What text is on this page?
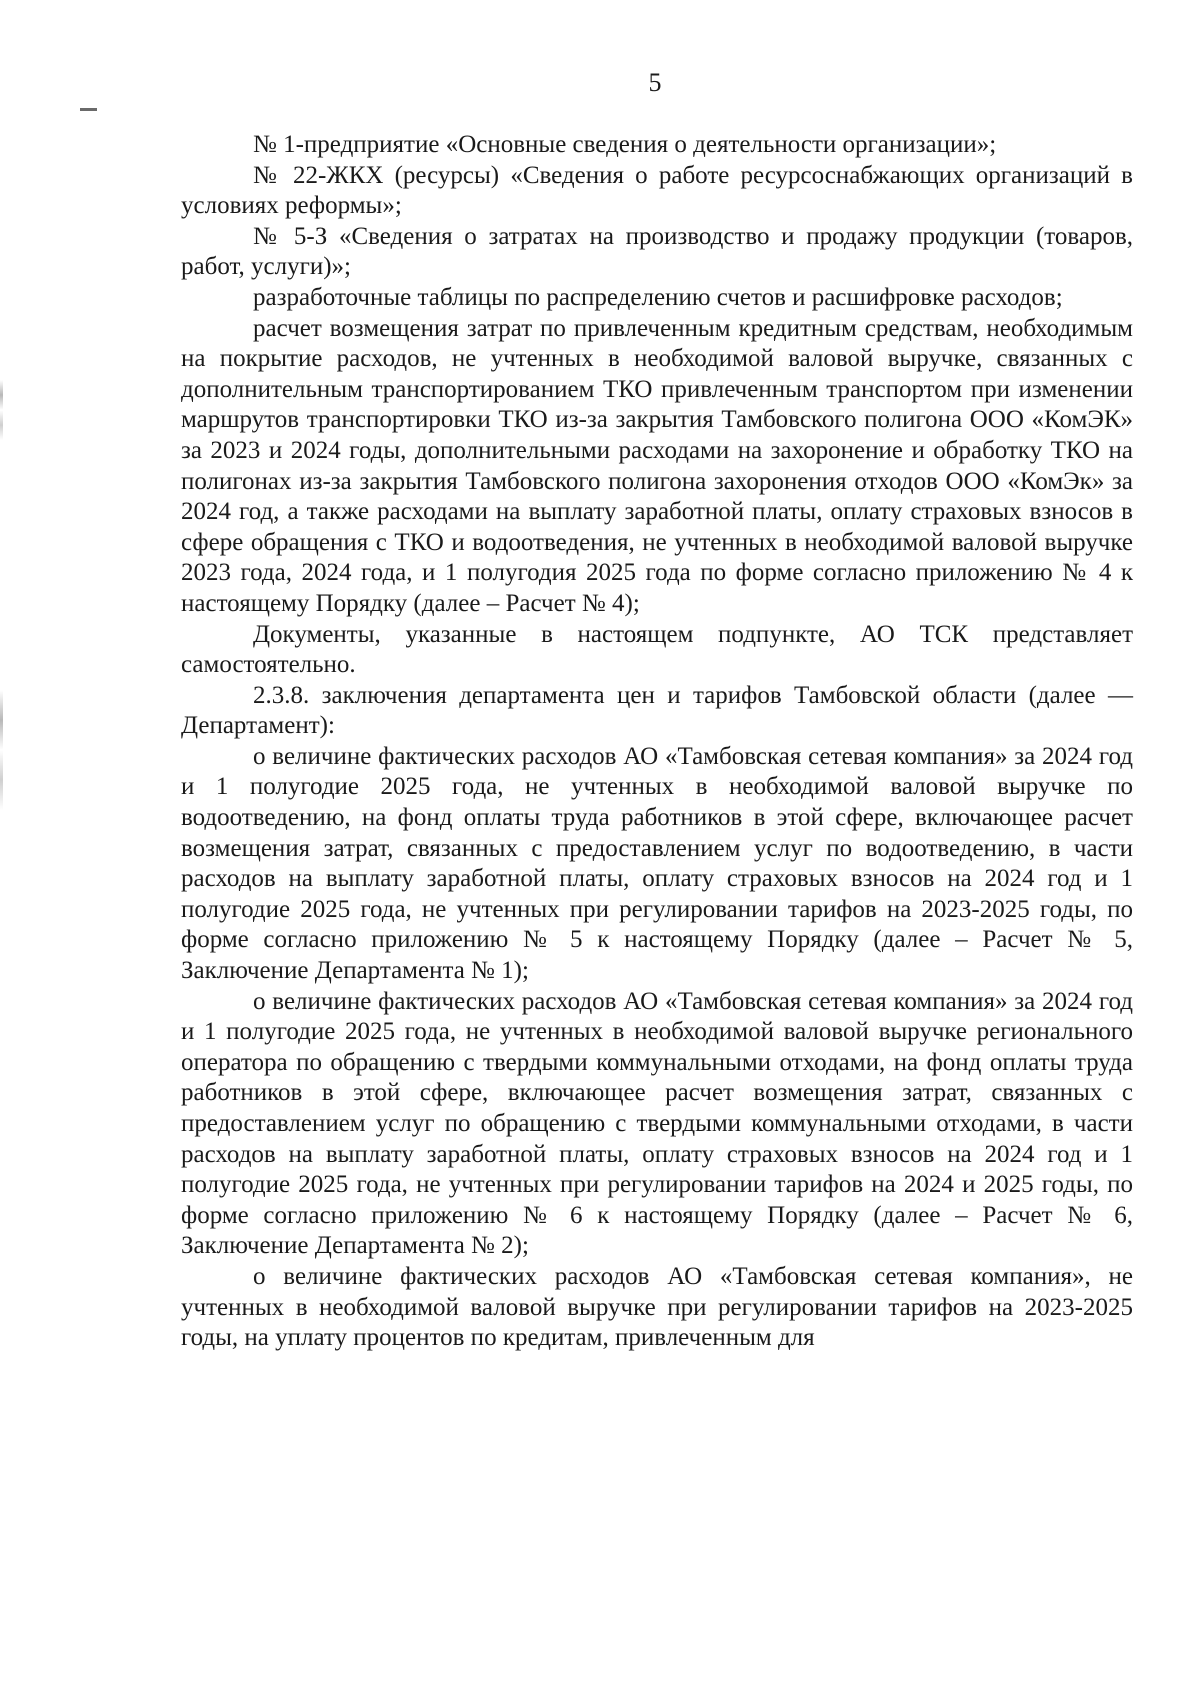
5

№ 1-предприятие «Основные сведения о деятельности организации»;

№ 22-ЖКХ (ресурсы) «Сведения о работе ресурсоснабжающих организаций в условиях реформы»;

№ 5-З «Сведения о затратах на производство и продажу продукции (товаров, работ, услуги)»;

разработочные таблицы по распределению счетов и расшифровке расходов;

расчет возмещения затрат по привлеченным кредитным средствам, необходимым на покрытие расходов, не учтенных в необходимой валовой выручке, связанных с дополнительным транспортированием ТКО привлеченным транспортом при изменении маршрутов транспортировки ТКО из-за закрытия Тамбовского полигона ООО «КомЭК» за 2023 и 2024 годы, дополнительными расходами на захоронение и обработку ТКО на полигонах из-за закрытия Тамбовского полигона захоронения отходов ООО «КомЭк» за 2024 год, а также расходами на выплату заработной платы, оплату страховых взносов в сфере обращения с ТКО и водоотведения, не учтенных в необходимой валовой выручке 2023 года, 2024 года, и 1 полугодия 2025 года по форме согласно приложению № 4 к настоящему Порядку (далее – Расчет № 4);

Документы, указанные в настоящем подпункте, АО ТСК представляет самостоятельно.

2.3.8. заключения департамента цен и тарифов Тамбовской области (далее — Департамент):

о величине фактических расходов АО «Тамбовская сетевая компания» за 2024 год и 1 полугодие 2025 года, не учтенных в необходимой валовой выручке по водоотведению, на фонд оплаты труда работников в этой сфере, включающее расчет возмещения затрат, связанных с предоставлением услуг по водоотведению, в части расходов на выплату заработной платы, оплату страховых взносов на 2024 год и 1 полугодие 2025 года, не учтенных при регулировании тарифов на 2023-2025 годы, по форме согласно приложению № 5 к настоящему Порядку (далее – Расчет № 5, Заключение Департамента № 1);

о величине фактических расходов АО «Тамбовская сетевая компания» за 2024 год и 1 полугодие 2025 года, не учтенных в необходимой валовой выручке регионального оператора по обращению с твердыми коммунальными отходами, на фонд оплаты труда работников в этой сфере, включающее расчет возмещения затрат, связанных с предоставлением услуг по обращению с твердыми коммунальными отходами, в части расходов на выплату заработной платы, оплату страховых взносов на 2024 год и 1 полугодие 2025 года, не учтенных при регулировании тарифов на 2024 и 2025 годы, по форме согласно приложению № 6 к настоящему Порядку (далее – Расчет № 6, Заключение Департамента № 2);

о величине фактических расходов АО «Тамбовская сетевая компания», не учтенных в необходимой валовой выручке при регулировании тарифов на 2023-2025 годы, на уплату процентов по кредитам, привлеченным для
